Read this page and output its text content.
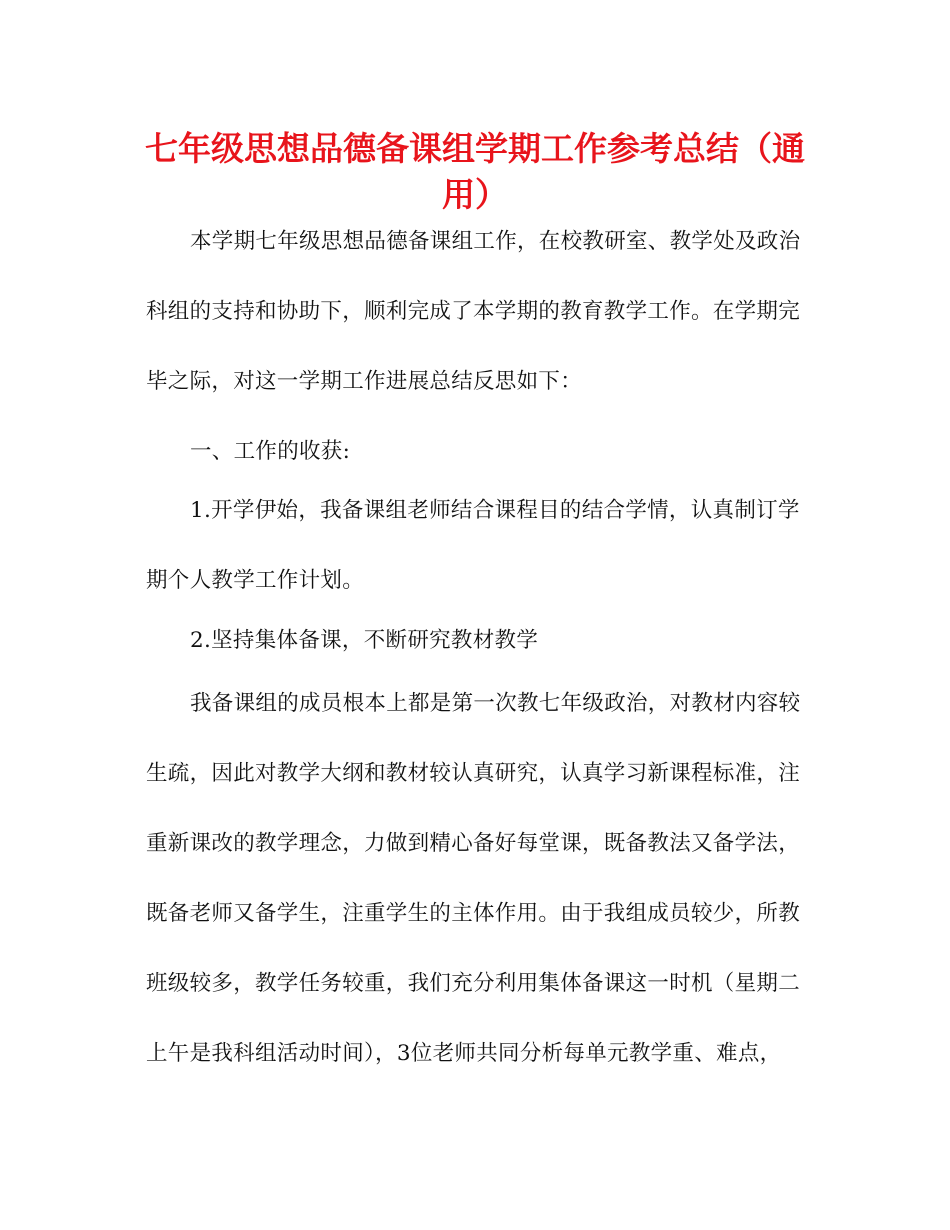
七年级思想品德备课组学期工作参考总结（通
用）
本学期七年级思想品德备课组工作，在校教研室、教学处及政治
科组的支持和协助下，顺利完成了本学期的教育教学工作。在学期完
毕之际，对这一学期工作进展总结反思如下：
一、工作的收获:
1.开学伊始，我备课组老师结合课程目的结合学情，认真制订学
期个人教学工作计划。
2.坚持集体备课，不断研究教材教学
我备课组的成员根本上都是第一次教七年级政治，对教材内容较
生疏，因此对教学大纲和教材较认真研究，认真学习新课程标准，注
重新课改的教学理念，力做到精心备好每堂课，既备教法又备学法，
既备老师又备学生，注重学生的主体作用。由于我组成员较少，所教
班级较多，教学任务较重，我们充分利用集体备课这一时机（星期二
上午是我科组活动时间），3位老师共同分析每单元教学重、难点，
